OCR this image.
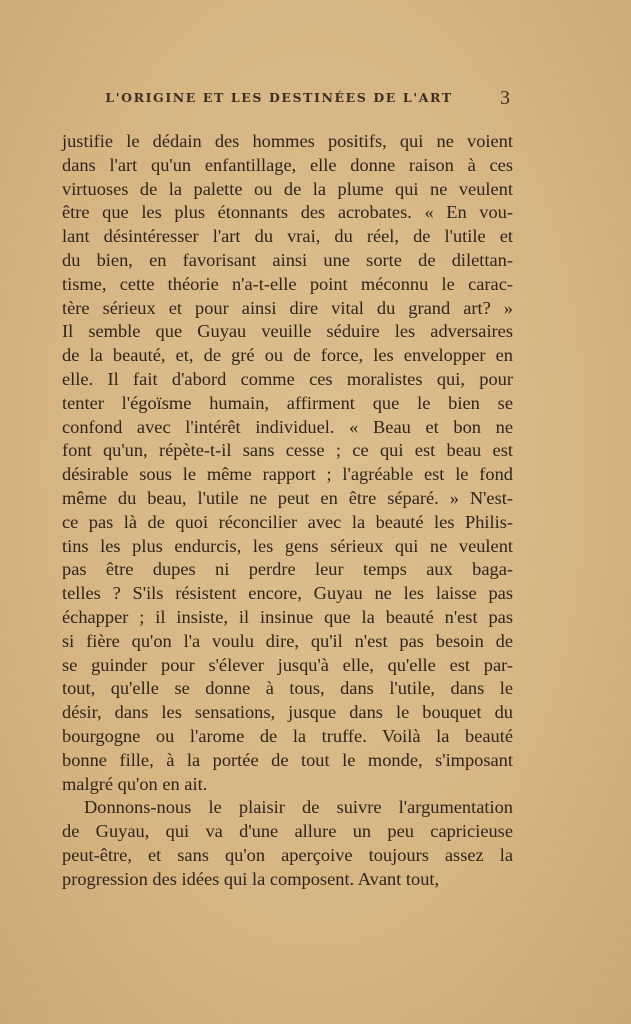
L'ORIGINE ET LES DESTINÉES DE L'ART 3
justifie le dédain des hommes positifs, qui ne voient
dans l'art qu'un enfantillage, elle donne raison à ces
virtuoses de la palette ou de la plume qui ne veulent
être que les plus étonnants des acrobates. « En vou-
lant désintéresser l'art du vrai, du réel, de l'utile et
du bien, en favorisant ainsi une sorte de dilettan-
tisme, cette théorie n'a-t-elle point méconnu le carac-
tère sérieux et pour ainsi dire vital du grand art? »
Il semble que Guyau veuille séduire les adversaires
de la beauté, et, de gré ou de force, les envelopper en
elle. Il fait d'abord comme ces moralistes qui, pour
tenter l'égoïsme humain, affirment que le bien se
confond avec l'intérêt individuel. « Beau et bon ne
font qu'un, répète-t-il sans cesse ; ce qui est beau est
désirable sous le même rapport ; l'agréable est le fond
même du beau, l'utile ne peut en être séparé. » N'est-
ce pas là de quoi réconcilier avec la beauté les Philis-
tins les plus endurcis, les gens sérieux qui ne veulent
pas être dupes ni perdre leur temps aux baga-
telles ? S'ils résistent encore, Guyau ne les laisse pas
échapper ; il insiste, il insinue que la beauté n'est pas
si fière qu'on l'a voulu dire, qu'il n'est pas besoin de
se guinder pour s'élever jusqu'à elle, qu'elle est par-
tout, qu'elle se donne à tous, dans l'utile, dans le
désir, dans les sensations, jusque dans le bouquet du
bourgogne ou l'arome de la truffe. Voilà la beauté
bonne fille, à la portée de tout le monde, s'imposant
malgré qu'on en ait.
Donnons-nous le plaisir de suivre l'argumentation
de Guyau, qui va d'une allure un peu capricieuse
peut-être, et sans qu'on aperçoive toujours assez la
progression des idées qui la composent. Avant tout,
